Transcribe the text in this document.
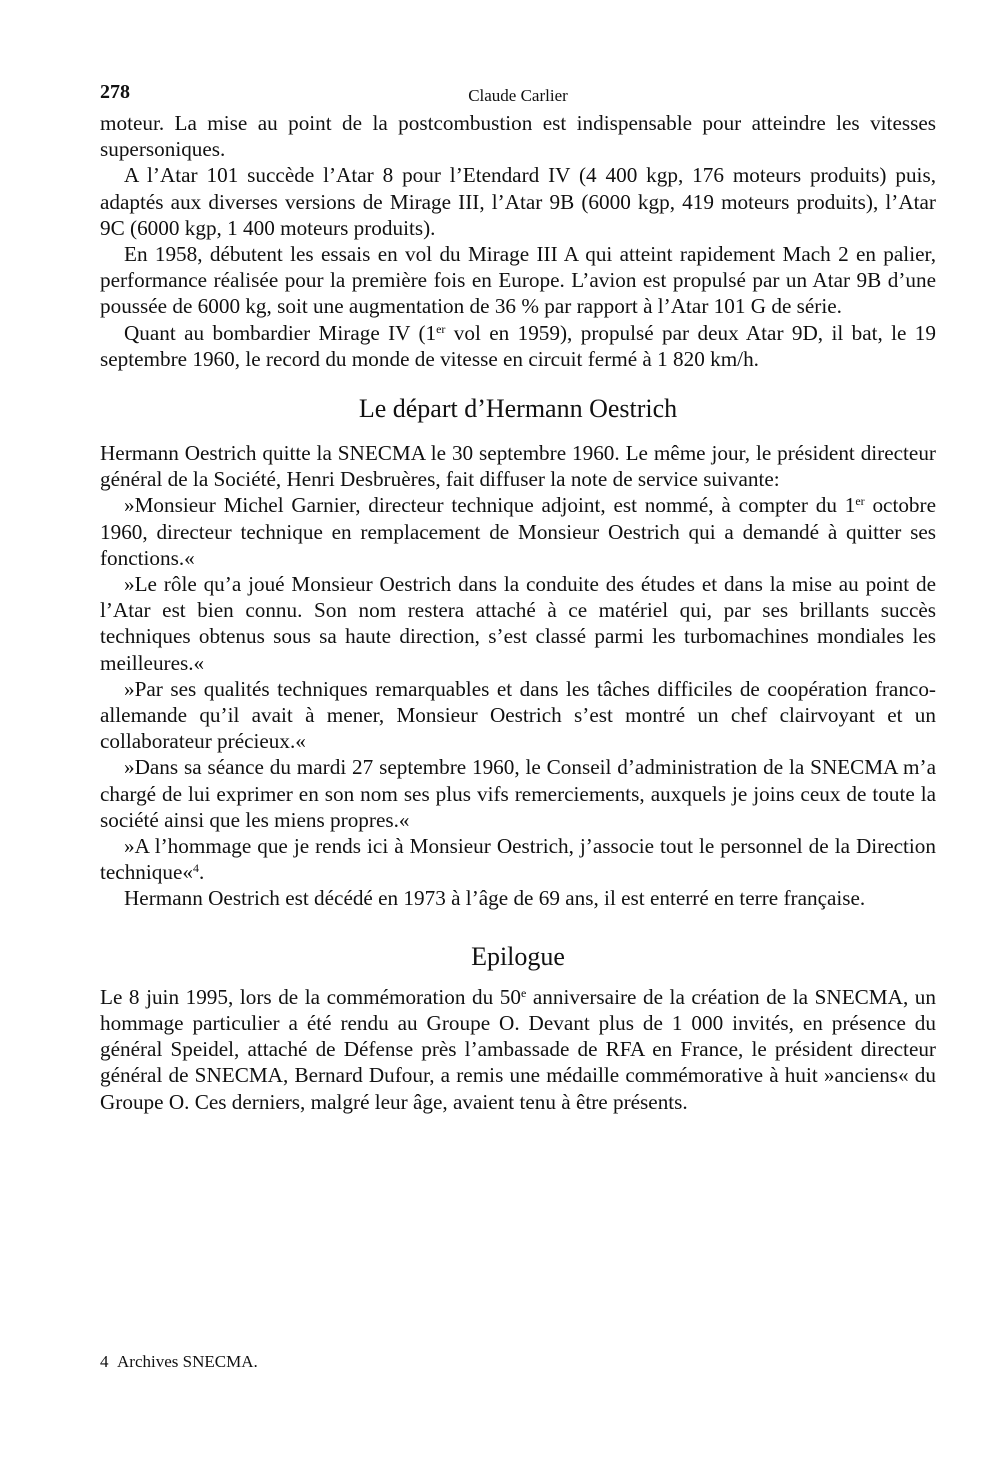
278	Claude Carlier

moteur. La mise au point de la postcombustion est indispensable pour atteindre les vitesses supersoniques.

A l’Atar 101 succède l’Atar 8 pour l’Etendard IV (4 400 kgp, 176 moteurs produits) puis, adaptés aux diverses versions de Mirage III, l’Atar 9B (6000 kgp, 419 moteurs produits), l’Atar 9C (6000 kgp, 1 400 moteurs produits).

En 1958, débutent les essais en vol du Mirage III A qui atteint rapidement Mach 2 en palier, performance réalisée pour la première fois en Europe. L’avion est propulsé par un Atar 9B d’une poussée de 6000 kg, soit une augmentation de 36 % par rapport à l’Atar 101 G de série.

Quant au bombardier Mirage IV (1er vol en 1959), propulsé par deux Atar 9D, il bat, le 19 septembre 1960, le record du monde de vitesse en circuit fermé à 1 820 km/h.

Le départ d’Hermann Oestrich

Hermann Oestrich quitte la SNECMA le 30 septembre 1960. Le même jour, le président directeur général de la Société, Henri Desbruères, fait diffuser la note de service suivante:

»Monsieur Michel Garnier, directeur technique adjoint, est nommé, à compter du 1er octobre 1960, directeur technique en remplacement de Monsieur Oestrich qui a demandé à quitter ses fonctions.«

»Le rôle qu’a joué Monsieur Oestrich dans la conduite des études et dans la mise au point de l’Atar est bien connu. Son nom restera attaché à ce matériel qui, par ses brillants succès techniques obtenus sous sa haute direction, s’est classé parmi les turbomachines mondiales les meilleures.«

»Par ses qualités techniques remarquables et dans les tâches difficiles de coopération franco-allemande qu’il avait à mener, Monsieur Oestrich s’est montré un chef clairvoyant et un collaborateur précieux.«

»Dans sa séance du mardi 27 septembre 1960, le Conseil d’administration de la SNECMA m’a chargé de lui exprimer en son nom ses plus vifs remerciements, auxquels je joins ceux de toute la société ainsi que les miens propres.«

»A l’hommage que je rends ici à Monsieur Oestrich, j’associe tout le personnel de la Direction technique«$^4$.

Hermann Oestrich est décédé en 1973 à l’âge de 69 ans, il est enterré en terre française.

Epilogue

Le 8 juin 1995, lors de la commémoration du 50e anniversaire de la création de la SNECMA, un hommage particulier a été rendu au Groupe O. Devant plus de 1 000 invités, en présence du général Speidel, attaché de Défense près l’ambassade de RFA en France, le président directeur général de SNECMA, Bernard Dufour, a remis une médaille commémorative à huit »anciens« du Groupe O. Ces derniers, malgré leur âge, avaient tenu à être présents.

4 Archives SNECMA.
